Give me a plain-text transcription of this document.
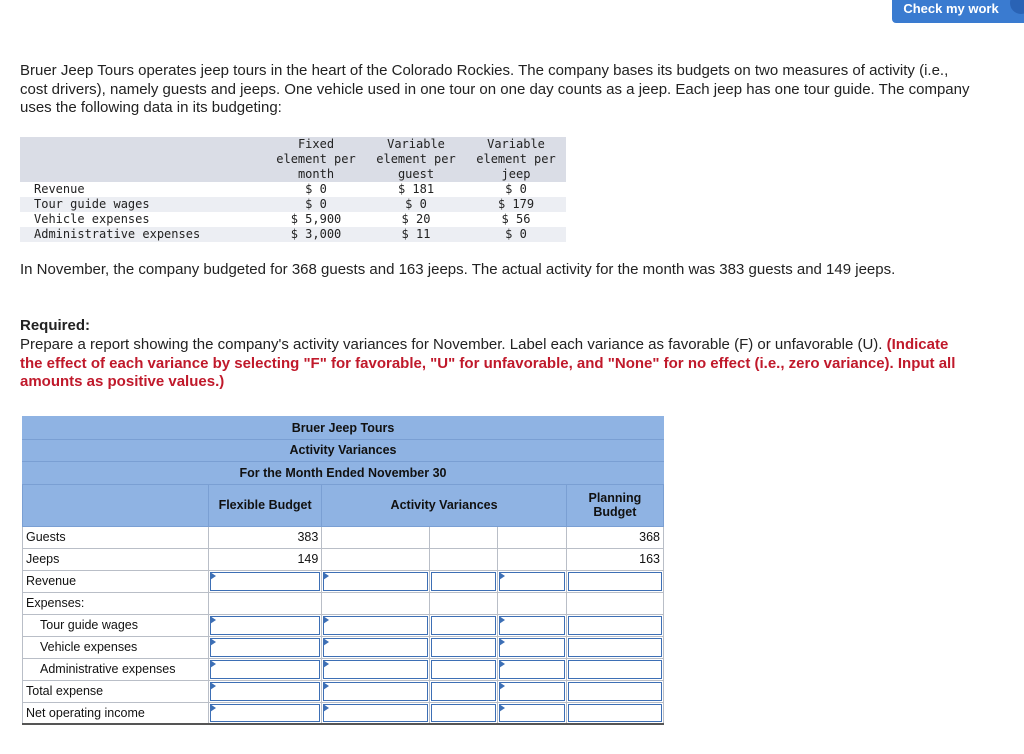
Check my work

Bruer Jeep Tours operates jeep tours in the heart of the Colorado Rockies. The company bases its budgets on two measures of activity (i.e., cost drivers), namely guests and jeeps. One vehicle used in one tour on one day counts as a jeep. Each jeep has one tour guide. The company uses the following data in its budgeting:

	Fixed	Variable	Variable
	element per	element per	element per
	month	guest	jeep
Revenue	$ 0	$ 181	$ 0
Tour guide wages	$ 0	$ 0	$ 179
Vehicle expenses	$ 5,900	$ 20	$ 56
Administrative expenses	$ 3,000	$ 11	$ 0

In November, the company budgeted for 368 guests and 163 jeeps. The actual activity for the month was 383 guests and 149 jeeps.

Required:

Prepare a report showing the company's activity variances for November. Label each variance as favorable (F) or unfavorable (U). (Indicate the effect of each variance by selecting "F" for favorable, "U" for unfavorable, and "None" for no effect (i.e., zero variance). Input all amounts as positive values.)

Bruer Jeep Tours					
Activity Variances					
For the Month Ended November 30					
	Flexible Budget	Activity Variances			Planning Budget
Guests	383				368
Jeeps	149				163
Revenue	

Expenses:					
Tour guide wages	

Vehicle expenses	

Administrative expenses	

Total expense	

Net operating income	
